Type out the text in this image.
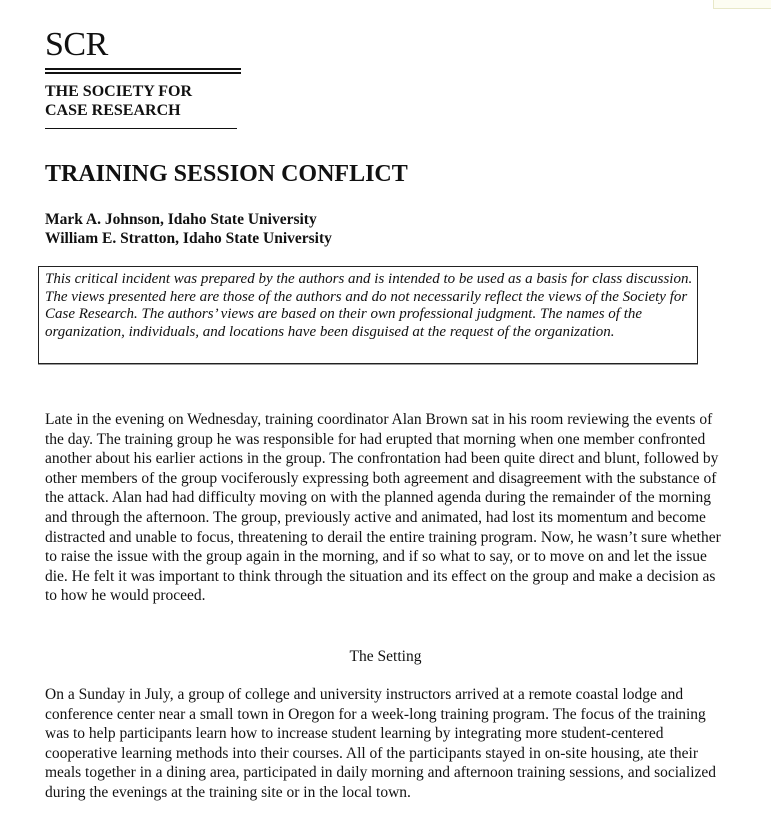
SCR
THE SOCIETY FOR
CASE RESEARCH
TRAINING SESSION CONFLICT
Mark A. Johnson, Idaho State University
William E. Stratton, Idaho State University
This critical incident was prepared by the authors and is intended to be used as a basis for class discussion. The views presented here are those of the authors and do not necessarily reflect the views of the Society for Case Research. The authors’ views are based on their own professional judgment. The names of the organization, individuals, and locations have been disguised at the request of the organization.

Late in the evening on Wednesday, training coordinator Alan Brown sat in his room reviewing the events of the day. The training group he was responsible for had erupted that morning when one member confronted another about his earlier actions in the group. The confrontation had been quite direct and blunt, followed by other members of the group vociferously expressing both agreement and disagreement with the substance of the attack. Alan had had difficulty moving on with the planned agenda during the remainder of the morning and through the afternoon. The group, previously active and animated, had lost its momentum and become distracted and unable to focus, threatening to derail the entire training program. Now, he wasn’t sure whether to raise the issue with the group again in the morning, and if so what to say, or to move on and let the issue die. He felt it was important to think through the situation and its effect on the group and make a decision as to how he would proceed.

The Setting

On a Sunday in July, a group of college and university instructors arrived at a remote coastal lodge and conference center near a small town in Oregon for a week-long training program. The focus of the training was to help participants learn how to increase student learning by integrating more student-centered cooperative learning methods into their courses. All of the participants stayed in on-site housing, ate their meals together in a dining area, participated in daily morning and afternoon training sessions, and socialized during the evenings at the training site or in the local town.
